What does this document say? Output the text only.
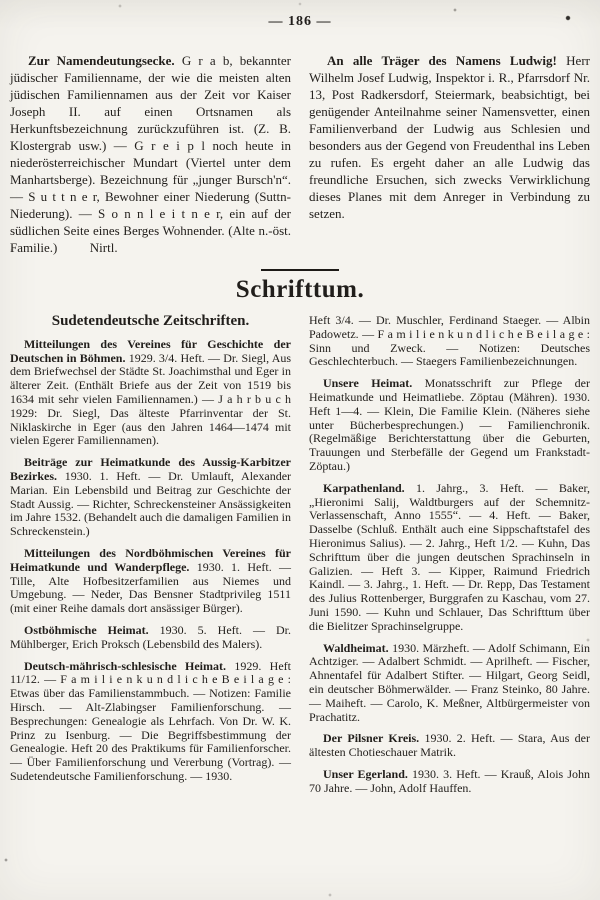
— 186 —

Zur Namendeutungsecke. G r a b, bekannter jüdischer Familienname, der wie die meisten alten jüdischen Familiennamen aus der Zeit vor Kaiser Joseph II. auf einen Ortsnamen als Herkunftsbezeichnung zurückzuführen ist. (Z. B. Klostergrab usw.) — G r e i p l noch heute in niederösterreichischer Mundart (Viertel unter dem Manhartsberge). Bezeichnung für „junger Bursch'n“. — S u t t n e r, Bewohner einer Niederung (Suttn-Niederung). — S o n n l e i t n e r, ein auf der südlichen Seite eines Berges Wohnender. (Alte n.-öst. Familie.)    Nirtl.

An alle Träger des Namens Ludwig! Herr Wilhelm Josef Ludwig, Inspektor i. R., Pfarrsdorf Nr. 13, Post Radkersdorf, Steiermark, beabsichtigt, bei genügender Anteilnahme seiner Namensvetter, einen Familienverband der Ludwig aus Schlesien und besonders aus der Gegend von Freudenthal ins Leben zu rufen. Es ergeht daher an alle Ludwig das freundliche Ersuchen, sich zwecks Verwirklichung dieses Planes mit dem Anreger in Verbindung zu setzen.

Schrifttum.
Sudetendeutsche Zeitschriften.

Mitteilungen des Vereines für Geschichte der Deutschen in Böhmen. 1929. 3/4. Heft. — Dr. Siegl, Aus dem Briefwechsel der Städte St. Joachimsthal und Eger in älterer Zeit. (Enthält Briefe aus der Zeit von 1519 bis 1634 mit sehr vielen Familiennamen.) — J a h r b u c h 1929: Dr. Siegl, Das älteste Pfarrinventar der St. Niklaskirche in Eger (aus den Jahren 1464—1474 mit vielen Egerer Familiennamen).

Beiträge zur Heimatkunde des Aussig-Karbitzer Bezirkes. 1930. 1. Heft. — Dr. Umlauft, Alexander Marian. Ein Lebensbild und Beitrag zur Geschichte der Stadt Aussig. — Richter, Schreckensteiner Ansässigkeiten im Jahre 1532. (Behandelt auch die damaligen Familien in Schreckenstein.)

Mitteilungen des Nordböhmischen Vereines für Heimatkunde und Wanderpflege. 1930. 1. Heft. — Tille, Alte Hofbesitzerfamilien aus Niemes und Umgebung. — Neder, Das Bensner Stadtprivileg 1511 (mit einer Reihe damals dort ansässiger Bürger).

Ostböhmische Heimat. 1930. 5. Heft. — Dr. Mühlberger, Erich Proksch (Lebensbild des Malers).

Deutsch-mährisch-schlesische Heimat. 1929. Heft 11/12. — F a m i l i e n k u n d l i c h e B e i l a g e : Etwas über das Familienstammbuch. — Notizen: Familie Hirsch. — Alt-Zlabingser Familienforschung. — Besprechungen: Genealogie als Lehrfach. Von Dr. W. K. Prinz zu Isenburg. — Die Begriffsbestimmung der Genealogie. Heft 20 des Praktikums für Familienforscher. — Über Familienforschung und Vererbung (Vortrag). — Sudetendeutsche Familienforschung. — 1930.

Heft 3/4. — Dr. Muschler, Ferdinand Staeger. — Albin Padowetz. — F a m i l i e n k u n d l i c h e B e i l a g e : Sinn und Zweck. — Notizen: Deutsches Geschlechterbuch. — Staegers Familienbezeichnungen.

Unsere Heimat. Monatsschrift zur Pflege der Heimatkunde und Heimatliebe. Zöptau (Mähren). 1930. Heft 1—4. — Klein, Die Familie Klein. (Näheres siehe unter Bücherbesprechungen.) — Familienchronik. (Regelmäßige Berichterstattung über die Geburten, Trauungen und Sterbefälle der Gegend um Frankstadt-Zöptau.)

Karpathenland. 1. Jahrg., 3. Heft. — Baker, „Hieronimi Salij, Waldtburgers auf der Schemnitz-Verlassenschaft, Anno 1555“. — 4. Heft. — Baker, Dasselbe (Schluß. Enthält auch eine Sippschaftstafel des Hieronimus Salius). — 2. Jahrg., Heft 1/2. — Kuhn, Das Schrifttum über die jungen deutschen Sprachinseln in Galizien. — Heft 3. — Kipper, Raimund Friedrich Kaindl. — 3. Jahrg., 1. Heft. — Dr. Repp, Das Testament des Julius Rottenberger, Burggrafen zu Kaschau, vom 27. Juni 1590. — Kuhn und Schlauer, Das Schrifttum über die Bielitzer Sprachinselgruppe.

Waldheimat. 1930. Märzheft. — Adolf Schimann, Ein Achtziger. — Adalbert Schmidt. — Aprilheft. — Fischer, Ahnentafel für Adalbert Stifter. — Hilgart, Georg Seidl, ein deutscher Böhmerwälder. — Franz Steinko, 80 Jahre. — Maiheft. — Carolo, K. Meßner, Altbürgermeister von Prachatitz.

Der Pilsner Kreis. 1930. 2. Heft. — Stara, Aus der ältesten Chotieschauer Matrik.

Unser Egerland. 1930. 3. Heft. — Krauß, Alois John 70 Jahre. — John, Adolf Hauffen.
